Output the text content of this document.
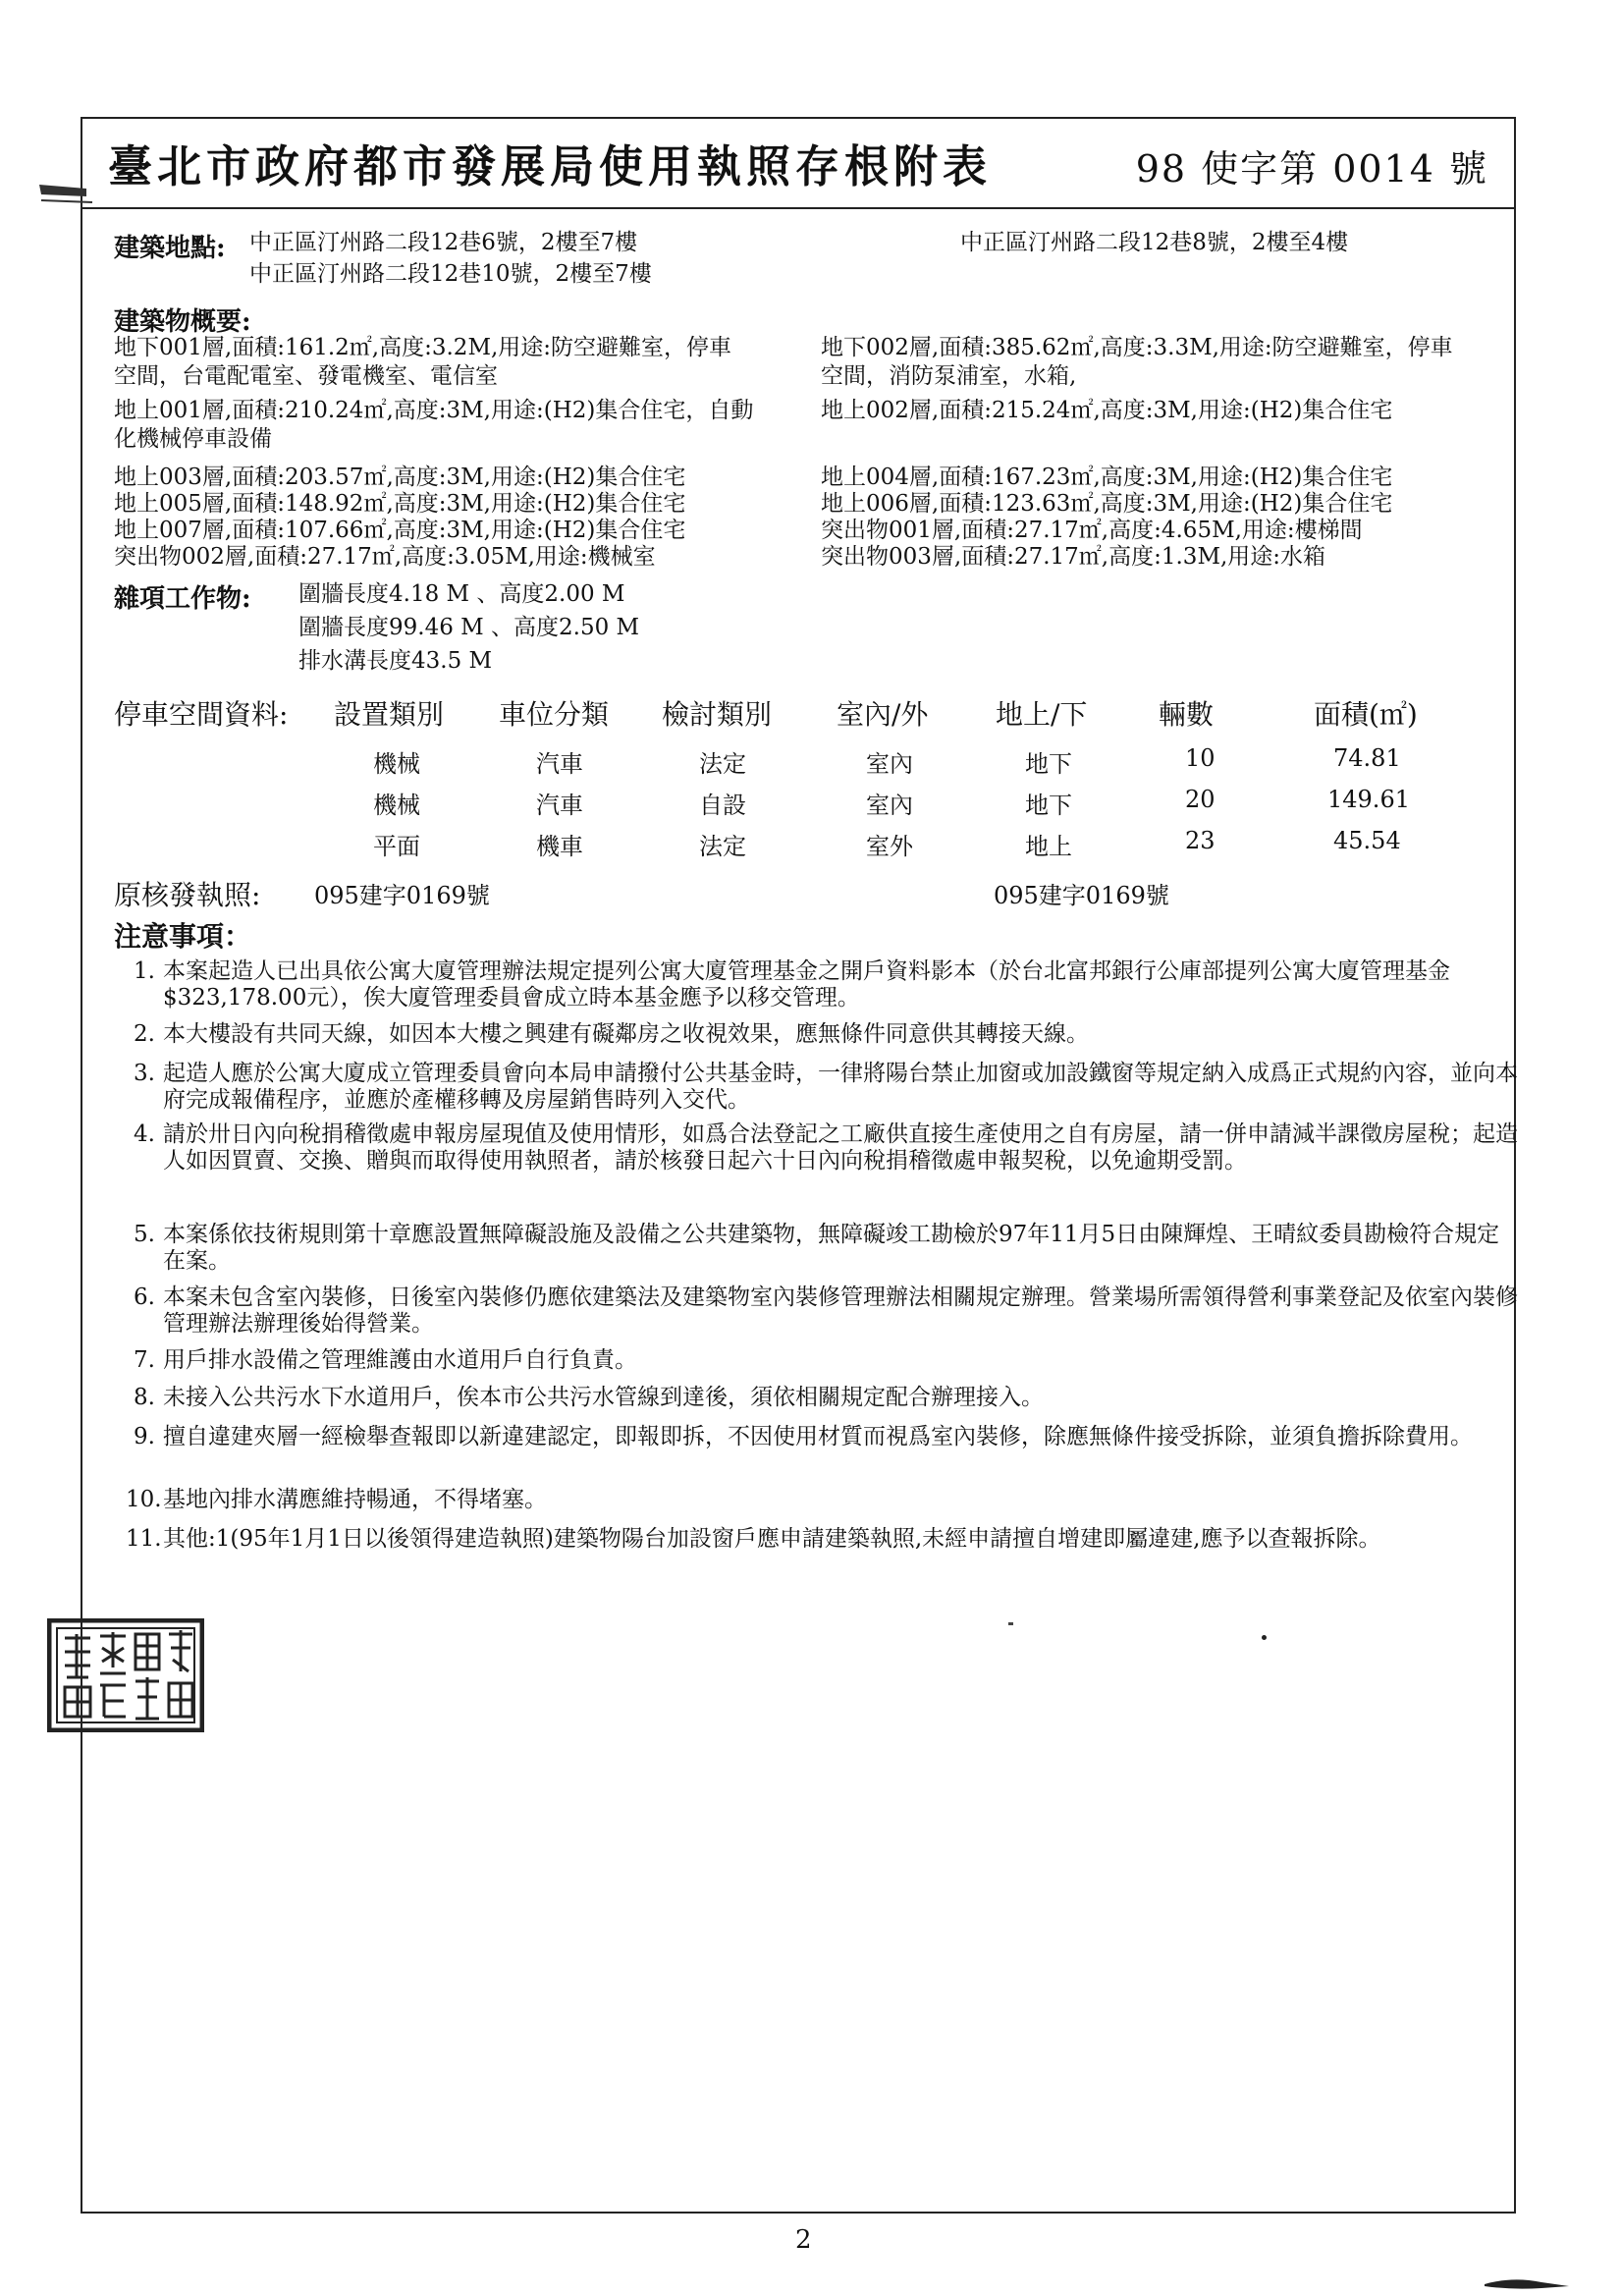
臺北市政府都市發展局使用執照存根附表	98 使字第 0014 號
建築地點: 中正區汀州路二段12巷6號，2樓至7樓	中正區汀州路二段12巷8號，2樓至4樓
中正區汀州路二段12巷10號，2樓至7樓
建築物概要:
地下001層,面積:161.2㎡,高度:3.2M,用途:防空避難室，停車
空間，台電配電室、發電機室、電信室
地下002層,面積:385.62㎡,高度:3.3M,用途:防空避難室，停車
空間，消防泵浦室，水箱,
地上001層,面積:210.24㎡,高度:3M,用途:(H2)集合住宅，自動
化機械停車設備
地上002層,面積:215.24㎡,高度:3M,用途:(H2)集合住宅
地上003層,面積:203.57㎡,高度:3M,用途:(H2)集合住宅	地上004層,面積:167.23㎡,高度:3M,用途:(H2)集合住宅
地上005層,面積:148.92㎡,高度:3M,用途:(H2)集合住宅	地上006層,面積:123.63㎡,高度:3M,用途:(H2)集合住宅
地上007層,面積:107.66㎡,高度:3M,用途:(H2)集合住宅	突出物001層,面積:27.17㎡,高度:4.65M,用途:樓梯間
突出物002層,面積:27.17㎡,高度:3.05M,用途:機械室	突出物003層,面積:27.17㎡,高度:1.3M,用途:水箱
雜項工作物: 圍牆長度4.18 M 、高度2.00 M
圍牆長度99.46 M 、高度2.50 M
排水溝長度43.5 M
停車空間資料: 設置類別 車位分類 檢討類別 室內/外 地上/下	輛數	面積(㎡)
機械	汽車	法定	室內	地下	10	74.81
機械	汽車	自設	室內	地下	20	149.61
平面	機車	法定	室外	地上	23	45.54
原核發執照: 095建字0169號	095建字0169號
注意事項：
1. 本案起造人已出具依公寓大廈管理辦法規定提列公寓大廈管理基金之開戶資料影本（於台北富邦銀行公庫部提列公寓大廈管理基金$323,178.00元），俟大廈管理委員會成立時本基金應予以移交管理。
2. 本大樓設有共同天線，如因本大樓之興建有礙鄰房之收視效果，應無條件同意供其轉接天線。
3. 起造人應於公寓大廈成立管理委員會向本局申請撥付公共基金時，一律將陽台禁止加窗或加設鐵窗等規定納入成爲正式規約內容，並向本府完成報備程序，並應於產權移轉及房屋銷售時列入交代。
4. 請於卅日內向稅捐稽徵處申報房屋現值及使用情形，如爲合法登記之工廠供直接生產使用之自有房屋，請一併申請減半課徵房屋稅；起造人如因買賣、交換、贈與而取得使用執照者，請於核發日起六十日內向稅捐稽徵處申報契稅，以免逾期受罰。
5. 本案係依技術規則第十章應設置無障礙設施及設備之公共建築物，無障礙竣工勘檢於97年11月5日由陳輝煌、王晴紋委員勘檢符合規定在案。
6. 本案未包含室內裝修，日後室內裝修仍應依建築法及建築物室內裝修管理辦法相關規定辦理。營業場所需領得營利事業登記及依室內裝修管理辦法辦理後始得營業。
7. 用戶排水設備之管理維護由水道用戶自行負責。
8. 未接入公共污水下水道用戶，俟本市公共污水管線到達後，須依相關規定配合辦理接入。
9. 擅自違建夾層一經檢舉查報即以新違建認定，即報即拆，不因使用材質而視爲室內裝修，除應無條件接受拆除，並須負擔拆除費用。
10. 基地內排水溝應維持暢通，不得堵塞。
11. 其他:1(95年1月1日以後領得建造執照)建築物陽台加設窗戶應申請建築執照,未經申請擅自增建即屬違建,應予以查報拆除。
2
